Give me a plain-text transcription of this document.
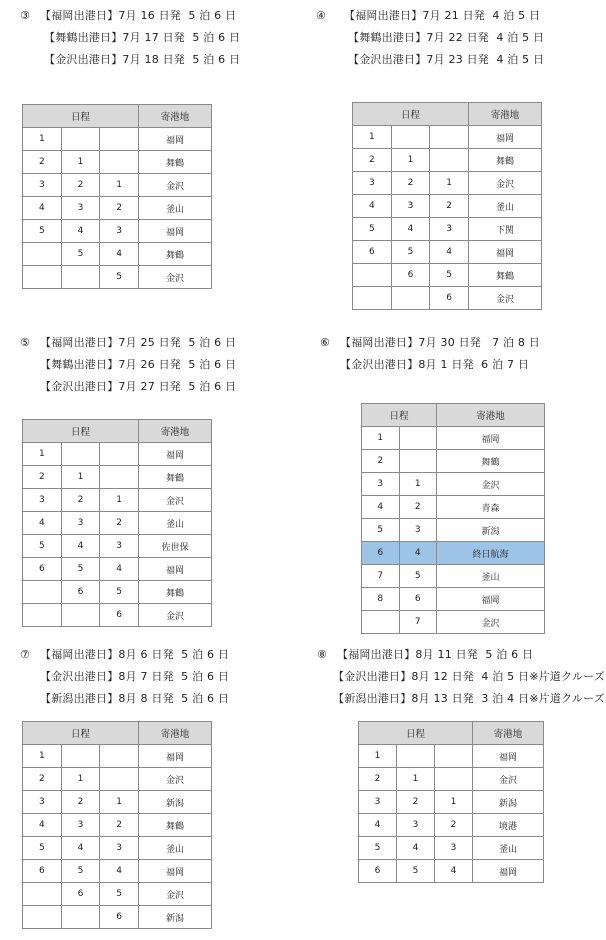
③ 【福岡出港日】7月 16 日発  5 泊 6 日
【舞鶴出港日】7月 17 日発  5 泊 6 日
【金沢出港日】7月 18 日発  5 泊 6 日
日程			寄港地
1			福岡
2	1		舞鶴
3	2	1	金沢
4	3	2	釜山
5	4	3	福岡
	5	4	舞鶴
		5	金沢
④ 【福岡出港日】7月 21 日発  4 泊 5 日
【舞鶴出港日】7月 22 日発  4 泊 5 日
【金沢出港日】7月 23 日発  4 泊 5 日
日程			寄港地
1			福岡
2	1		舞鶴
3	2	1	金沢
4	3	2	釜山
5	4	3	下関
6	5	4	福岡
	6	5	舞鶴
		6	金沢
⑤ 【福岡出港日】7月 25 日発  5 泊 6 日
【舞鶴出港日】7月 26 日発  5 泊 6 日
【金沢出港日】7月 27 日発  5 泊 6 日
日程			寄港地
1			福岡
2	1		舞鶴
3	2	1	金沢
4	3	2	釜山
5	4	3	佐世保
6	5	4	福岡
	6	5	舞鶴
		6	金沢
⑥ 【福岡出港日】7月 30 日発   7 泊 8 日
【金沢出港日】8月 1 日発  6 泊 7 日
日程		寄港地
1		福岡
2		舞鶴
3	1	金沢
4	2	青森
5	3	新潟
6	4	終日航海
7	5	釜山
8	6	福岡
	7	金沢
⑦ 【福岡出港日】8月 6 日発  5 泊 6 日
【金沢出港日】8月 7 日発  5 泊 6 日
【新潟出港日】8月 8 日発  5 泊 6 日
日程			寄港地
1			福岡
2	1		金沢
3	2	1	新潟
4	3	2	舞鶴
5	4	3	釜山
6	5	4	福岡
	6	5	金沢
		6	新潟
⑧ 【福岡出港日】8月 11 日発  5 泊 6 日
【金沢出港日】8月 12 日発  4 泊 5 日※片道クルーズ
【新潟出港日】8月 13 日発  3 泊 4 日※片道クルーズ
日程			寄港地
1			福岡
2	1		金沢
3	2	1	新潟
4	3	2	境港
5	4	3	釜山
6	5	4	福岡
